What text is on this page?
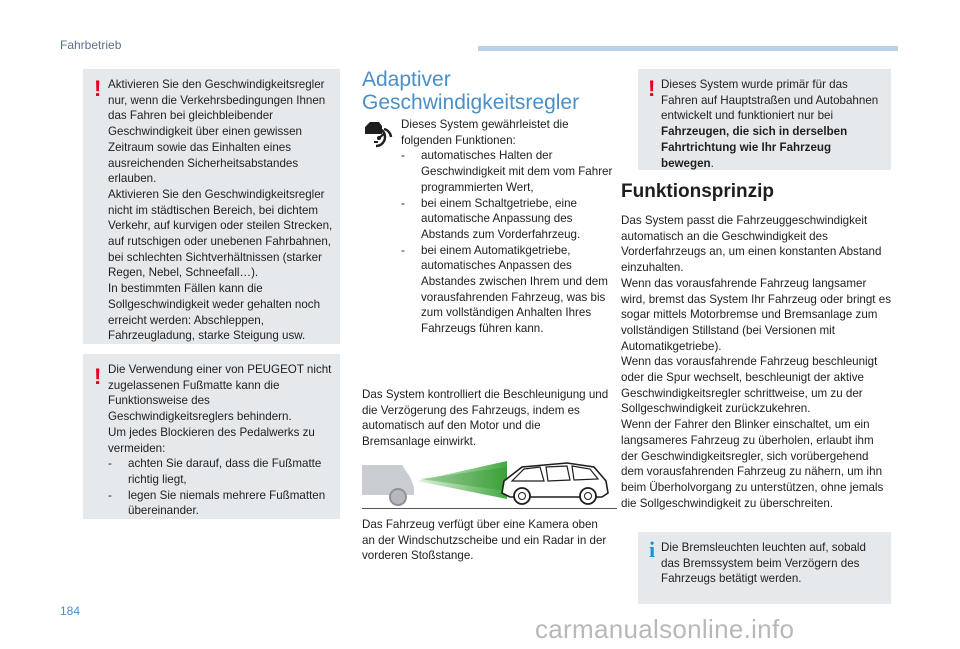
Fahrbetrieb
! Aktivieren Sie den Geschwindigkeitsregler nur, wenn die Verkehrsbedingungen Ihnen das Fahren bei gleichbleibender Geschwindigkeit über einen gewissen Zeitraum sowie das Einhalten eines ausreichenden Sicherheitsabstandes erlauben.

Aktivieren Sie den Geschwindigkeitsregler nicht im städtischen Bereich, bei dichtem Verkehr, auf kurvigen oder steilen Strecken, auf rutschigen oder unebenen Fahrbahnen, bei schlechten Sichtverhältnissen (starker Regen, Nebel, Schneefall…).

In bestimmten Fällen kann die Sollgeschwindigkeit weder gehalten noch erreicht werden: Abschleppen, Fahrzeugladung, starke Steigung usw.

! Die Verwendung einer von PEUGEOT nicht zugelassenen Fußmatte kann die Funktionsweise des Geschwindigkeitsreglers behindern.

Um jedes Blockieren des Pedalwerks zu vermeiden:

- achten Sie darauf, dass die Fußmatte richtig liegt,
- legen Sie niemals mehrere Fußmatten übereinander.
Adaptiver
Geschwindigkeitsregler

Dieses System gewährleistet die folgenden Funktionen:

- automatisches Halten der Geschwindigkeit mit dem vom Fahrer programmierten Wert,
- bei einem Schaltgetriebe, eine automatische Anpassung des Abstands zum Vorderfahrzeug.
- bei einem Automatikgetriebe, automatisches Anpassen des Abstandes zwischen Ihrem und dem vorausfahrenden Fahrzeug, was bis zum vollständigen Anhalten Ihres Fahrzeugs führen kann.
Das System kontrolliert die Beschleunigung und die Verzögerung des Fahrzeugs, indem es automatisch auf den Motor und die Bremsanlage einwirkt.
Das Fahrzeug verfügt über eine Kamera oben an der Windschutzscheibe und ein Radar in der vorderen Stoßstange.
! Dieses System wurde primär für das Fahren auf Hauptstraßen und Autobahnen entwickelt und funktioniert nur bei Fahrzeugen, die sich in derselben Fahrtrichtung wie Ihr Fahrzeug bewegen.
Funktionsprinzip

Das System passt die Fahrzeuggeschwindigkeit automatisch an die Geschwindigkeit des Vorderfahrzeugs an, um einen konstanten Abstand einzuhalten.

Wenn das vorausfahrende Fahrzeug langsamer wird, bremst das System Ihr Fahrzeug oder bringt es sogar mittels Motorbremse und Bremsanlage zum vollständigen Stillstand (bei Versionen mit Automatikgetriebe).

Wenn das vorausfahrende Fahrzeug beschleunigt oder die Spur wechselt, beschleunigt der aktive Geschwindigkeitsregler schrittweise, um zu der Sollgeschwindigkeit zurückzukehren.

Wenn der Fahrer den Blinker einschaltet, um ein langsameres Fahrzeug zu überholen, erlaubt ihm der Geschwindigkeitsregler, sich vorübergehend dem vorausfahrenden Fahrzeug zu nähern, um ihn beim Überholvorgang zu unterstützen, ohne jemals die Sollgeschwindigkeit zu überschreiten.

i Die Bremsleuchten leuchten auf, sobald das Bremssystem beim Verzögern des Fahrzeugs betätigt werden.
184
carmanualsonline.info
